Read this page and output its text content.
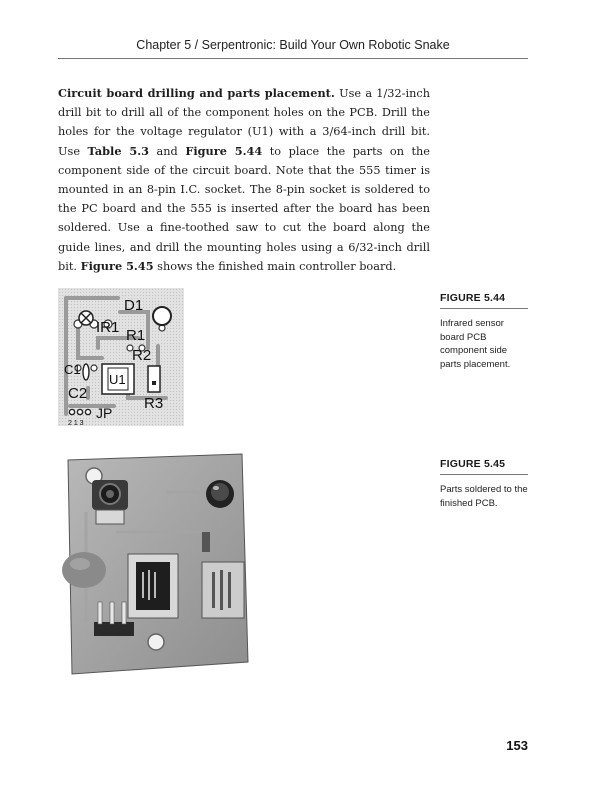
Chapter 5 / Serpentronic: Build Your Own Robotic Snake

Circuit board drilling and parts placement. Use a 1/32-inch drill bit to drill all of the component holes on the PCB. Drill the holes for the voltage regulator (U1) with a 3/64-inch drill bit. Use Table 5.3 and Figure 5.44 to place the parts on the component side of the circuit board. Note that the 555 timer is mounted in an 8-pin I.C. socket. The 8-pin socket is soldered to the PC board and the 555 is inserted after the board has been soldered. Use a fine-toothed saw to cut the board along the guide lines, and drill the mounting holes using a 6/32-inch drill bit. Figure 5.45 shows the finished main controller board.

D1
IR1 R1
R2
C1
U1
C2
R3
JP
2 1 3
FIGURE 5.44
Infrared sensor board PCB component side parts placement.
FIGURE 5.45
Parts soldered to the finished PCB.
153
